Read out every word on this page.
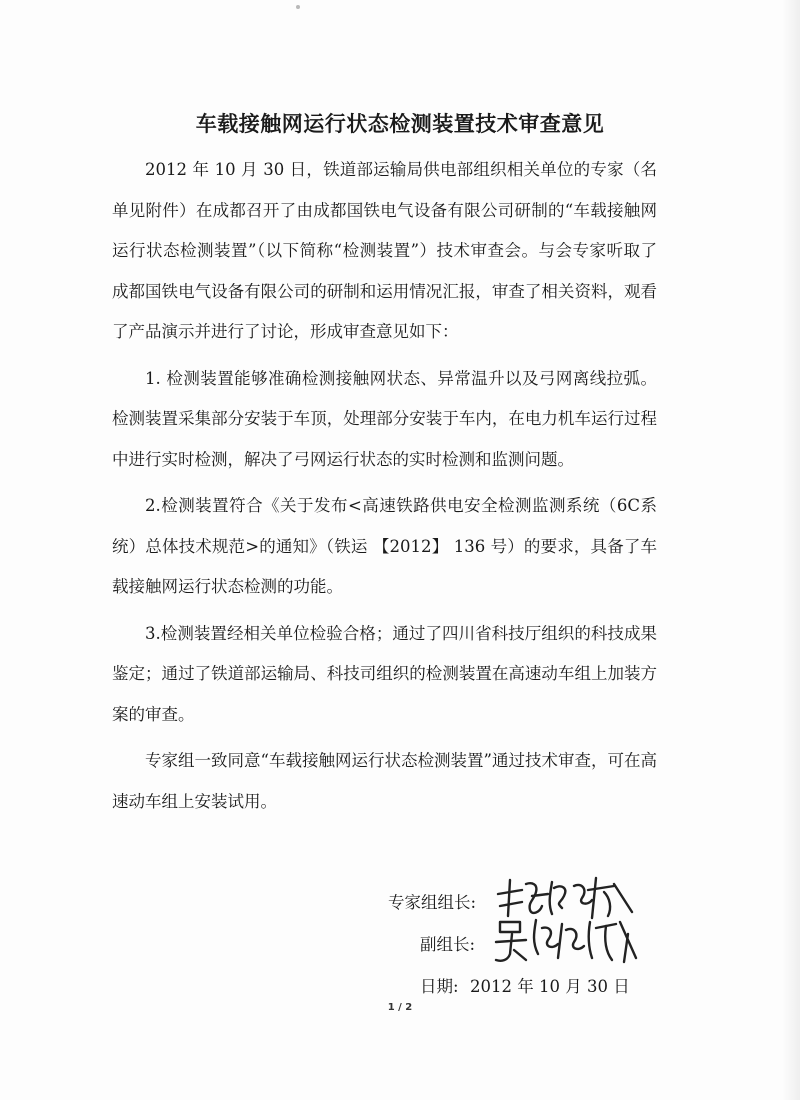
车载接触网运行状态检测装置技术审查意见

2012 年 10 月 30 日，铁道部运输局供电部组织相关单位的专家（名单见附件）在成都召开了由成都国铁电气设备有限公司研制的“车载接触网运行状态检测装置”（以下简称“检测装置”）技术审查会。与会专家听取了成都国铁电气设备有限公司的研制和运用情况汇报，审查了相关资料，观看了产品演示并进行了讨论，形成审查意见如下：

1. 检测装置能够准确检测接触网状态、异常温升以及弓网离线拉弧。检测装置采集部分安装于车顶，处理部分安装于车内，在电力机车运行过程中进行实时检测，解决了弓网运行状态的实时检测和监测问题。

2.检测装置符合《关于发布<高速铁路供电安全检测监测系统（6C系统）总体技术规范>的通知》（铁运 【2012】 136 号）的要求，具备了车载接触网运行状态检测的功能。

3.检测装置经相关单位检验合格；通过了四川省科技厅组织的科技成果鉴定；通过了铁道部运输局、科技司组织的检测装置在高速动车组上加装方案的审查。

专家组一致同意“车载接触网运行状态检测装置”通过技术审查，可在高速动车组上安装试用。

专家组组长:
副组长:
日期: 2012 年 10 月 30 日
1 / 2
